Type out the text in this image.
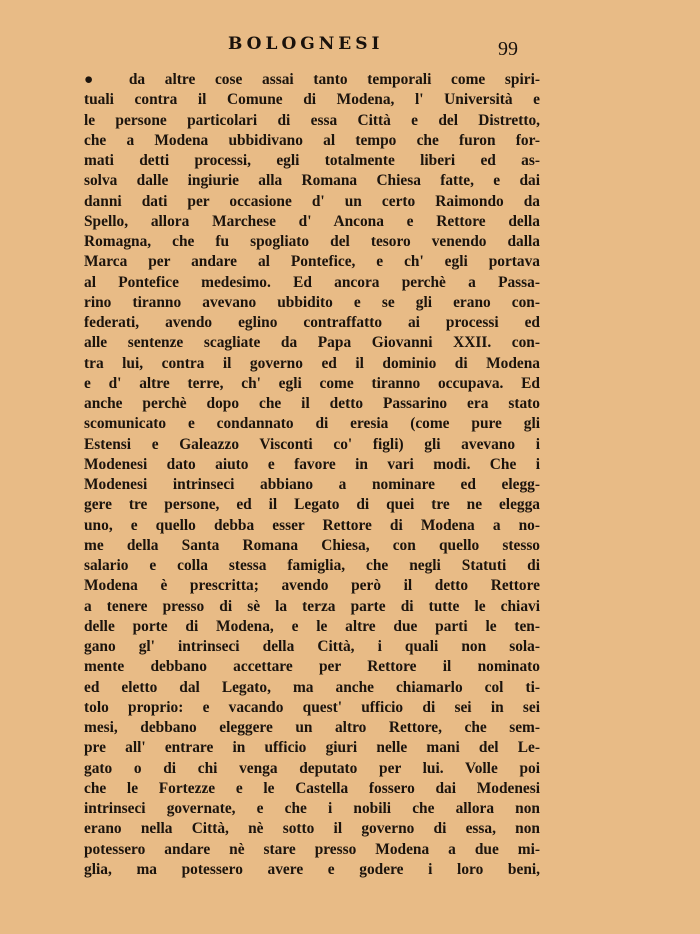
BOLOGNESI	99
● da altre cose assai tanto temporali come spiri-
tuali contra il Comune di Modena, l' Università e
le persone particolari di essa Città e del Distretto,
che a Modena ubbidivano al tempo che furon for-
mati detti processi, egli totalmente liberi ed as-
solva dalle ingiurie alla Romana Chiesa fatte, e dai
danni dati per occasione d' un certo Raimondo da
Spello, allora Marchese d' Ancona e Rettore della
Romagna, che fu spogliato del tesoro venendo dalla
Marca per andare al Pontefice, e ch' egli portava
al Pontefice medesimo. Ed ancora perchè a Passa-
rino tiranno avevano ubbidito e se gli erano con-
federati, avendo eglino contraffatto ai processi ed
alle sentenze scagliate da Papa Giovanni XXII. con-
tra lui, contra il governo ed il dominio di Modena
e d' altre terre, ch' egli come tiranno occupava. Ed
anche perchè dopo che il detto Passarino era stato
scomunicato e condannato di eresia (come pure gli
Estensi e Galeazzo Visconti co' figli) gli avevano i
Modenesi dato aiuto e favore in vari modi. Che i
Modenesi intrinseci abbiano a nominare ed elegg-
gere tre persone, ed il Legato di quei tre ne elegga
uno, e quello debba esser Rettore di Modena a no-
me della Santa Romana Chiesa, con quello stesso
salario e colla stessa famiglia, che negli Statuti di
Modena è prescritta; avendo però il detto Rettore
a tenere presso di sè la terza parte di tutte le chiavi
delle porte di Modena, e le altre due parti le ten-
gano gl' intrinseci della Città, i quali non sola-
mente debbano accettare per Rettore il nominato
ed eletto dal Legato, ma anche chiamarlo col ti-
tolo proprio: e vacando quest' ufficio di sei in sei
mesi, debbano eleggere un altro Rettore, che sem-
pre all' entrare in ufficio giuri nelle mani del Le-
gato o di chi venga deputato per lui. Volle poi
che le Fortezze e le Castella fossero dai Modenesi
intrinseci governate, e che i nobili che allora non
erano nella Città, nè sotto il governo di essa, non
potessero andare nè stare presso Modena a due mi-
glia, ma potessero avere e godere i loro beni,
